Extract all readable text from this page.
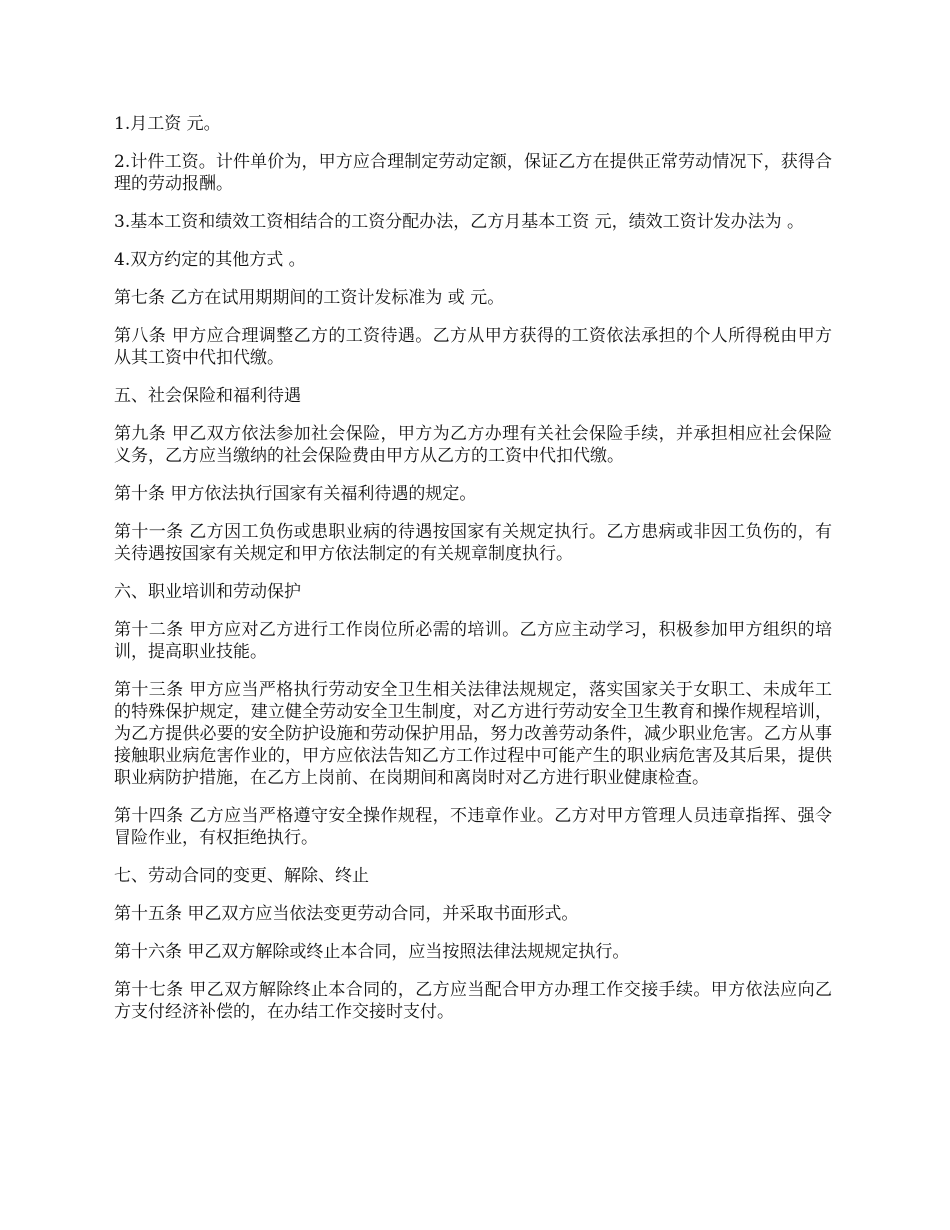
1.月工资 元。

2.计件工资。计件单价为，甲方应合理制定劳动定额，保证乙方在提供正常劳动情况下，获得合理的劳动报酬。

3.基本工资和绩效工资相结合的工资分配办法，乙方月基本工资 元，绩效工资计发办法为 。

4.双方约定的其他方式 。

第七条 乙方在试用期期间的工资计发标准为 或 元。

第八条 甲方应合理调整乙方的工资待遇。乙方从甲方获得的工资依法承担的个人所得税由甲方从其工资中代扣代缴。

五、社会保险和福利待遇

第九条 甲乙双方依法参加社会保险，甲方为乙方办理有关社会保险手续，并承担相应社会保险义务，乙方应当缴纳的社会保险费由甲方从乙方的工资中代扣代缴。

第十条 甲方依法执行国家有关福利待遇的规定。

第十一条 乙方因工负伤或患职业病的待遇按国家有关规定执行。乙方患病或非因工负伤的，有关待遇按国家有关规定和甲方依法制定的有关规章制度执行。

六、职业培训和劳动保护

第十二条 甲方应对乙方进行工作岗位所必需的培训。乙方应主动学习，积极参加甲方组织的培训，提高职业技能。

第十三条 甲方应当严格执行劳动安全卫生相关法律法规规定，落实国家关于女职工、未成年工的特殊保护规定，建立健全劳动安全卫生制度，对乙方进行劳动安全卫生教育和操作规程培训，为乙方提供必要的安全防护设施和劳动保护用品，努力改善劳动条件，减少职业危害。乙方从事接触职业病危害作业的，甲方应依法告知乙方工作过程中可能产生的职业病危害及其后果，提供职业病防护措施，在乙方上岗前、在岗期间和离岗时对乙方进行职业健康检查。

第十四条 乙方应当严格遵守安全操作规程，不违章作业。乙方对甲方管理人员违章指挥、强令冒险作业，有权拒绝执行。

七、劳动合同的变更、解除、终止

第十五条 甲乙双方应当依法变更劳动合同，并采取书面形式。

第十六条 甲乙双方解除或终止本合同，应当按照法律法规规定执行。

第十七条 甲乙双方解除终止本合同的，乙方应当配合甲方办理工作交接手续。甲方依法应向乙方支付经济补偿的，在办结工作交接时支付。
